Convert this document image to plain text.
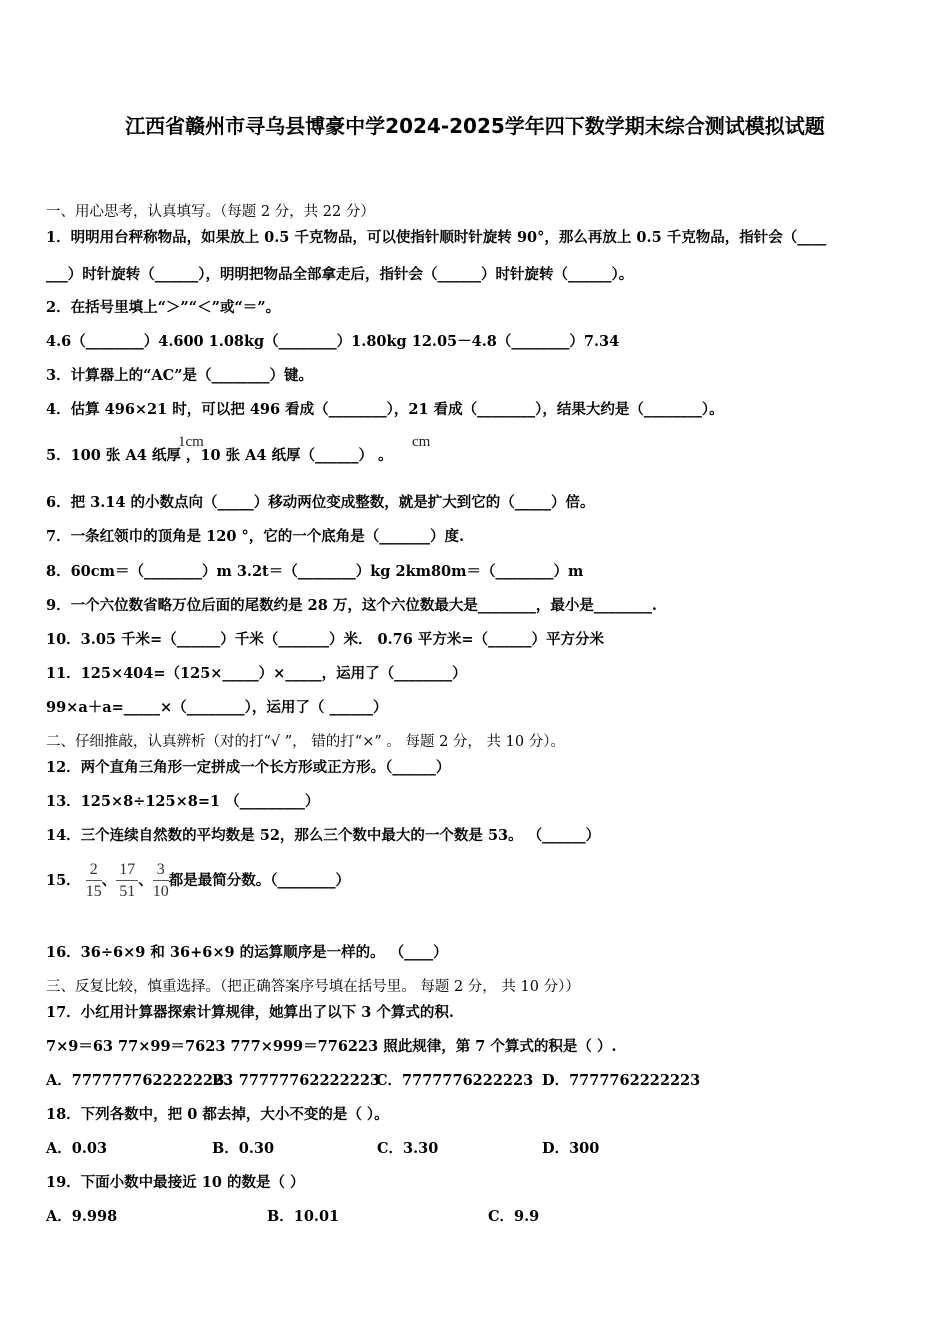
江西省赣州市寻乌县博豪中学2024-2025学年四下数学期末综合测试模拟试题
一、用心思考，认真填写。（每题 2 分，共 22 分）
1．明明用台秤称物品，如果放上 0.5 千克物品，可以使指针顺时针旋转 90°，那么再放上 0.5 千克物品，指针会（____
___）时针旋转（______），明明把物品全部拿走后，指针会（______）时针旋转（______）。
2．在括号里填上“＞”“＜”或“＝”。
4.6（________）4.600 1.08kg（________）1.80kg 12.05－4.8（________）7.34
3．计算器上的“AC”是（________）键。
4．估算 496×21 时，可以把 496 看成（________），21 看成（________），结果大约是（________）。
5．100 张 A4 纸厚 ，10 张 A4 纸厚（______） 。
1cm	cm
6．把 3.14 的小数点向（_____）移动两位变成整数，就是扩大到它的（_____）倍。
7．一条红领巾的顶角是 120 °，它的一个底角是（_______）度.
8．60cm＝（________）m 3.2t＝（________）kg 2km80m＝（________）m
9．一个六位数省略万位后面的尾数约是 28 万，这个六位数最大是________，最小是________.
10．3.05 千米=（______）千米（_______）米． 0.76 平方米=（______）平方分米
11．125×404=（125×_____）×_____，运用了（________）
99×a＋a=_____×（________），运用了（ ______）
二、仔细推敲，认真辨析（对的打“√ ”， 错的打“×” 。 每题 2 分， 共 10 分）。
12．两个直角三角形一定拼成一个长方形或正方形。（______）
13．125×8÷125×8=1 （_________）
14．三个连续自然数的平均数是 52，那么三个数中最大的一个数是 53。 （______）
15． $\frac{2}{15}$ 、 $\frac{17}{51}$ 、 $\frac{3}{10}$ 都是最简分数。（________）
16．36÷6×9 和 36+6×9 的运算顺序是一样的。 （____）
三、反复比较，慎重选择。（把正确答案序号填在括号里。 每题 2 分， 共 10 分））
17．小红用计算器探索计算规律，她算出了以下 3 个算式的积.
7×9＝63 77×99＝7623 777×999＝776223 照此规律，第 7 个算式的积是（ ）.
A．7777777622222223B．77777762222223C．7777776222223 D．7777762222223
18．下列各数中，把 0 都去掉，大小不变的是（ ）。
A．0.03	B．0.30	C．3.30	D．300
19．下面小数中最接近 10 的数是（ ）
A．9.998	B．10.01	C．9.9
